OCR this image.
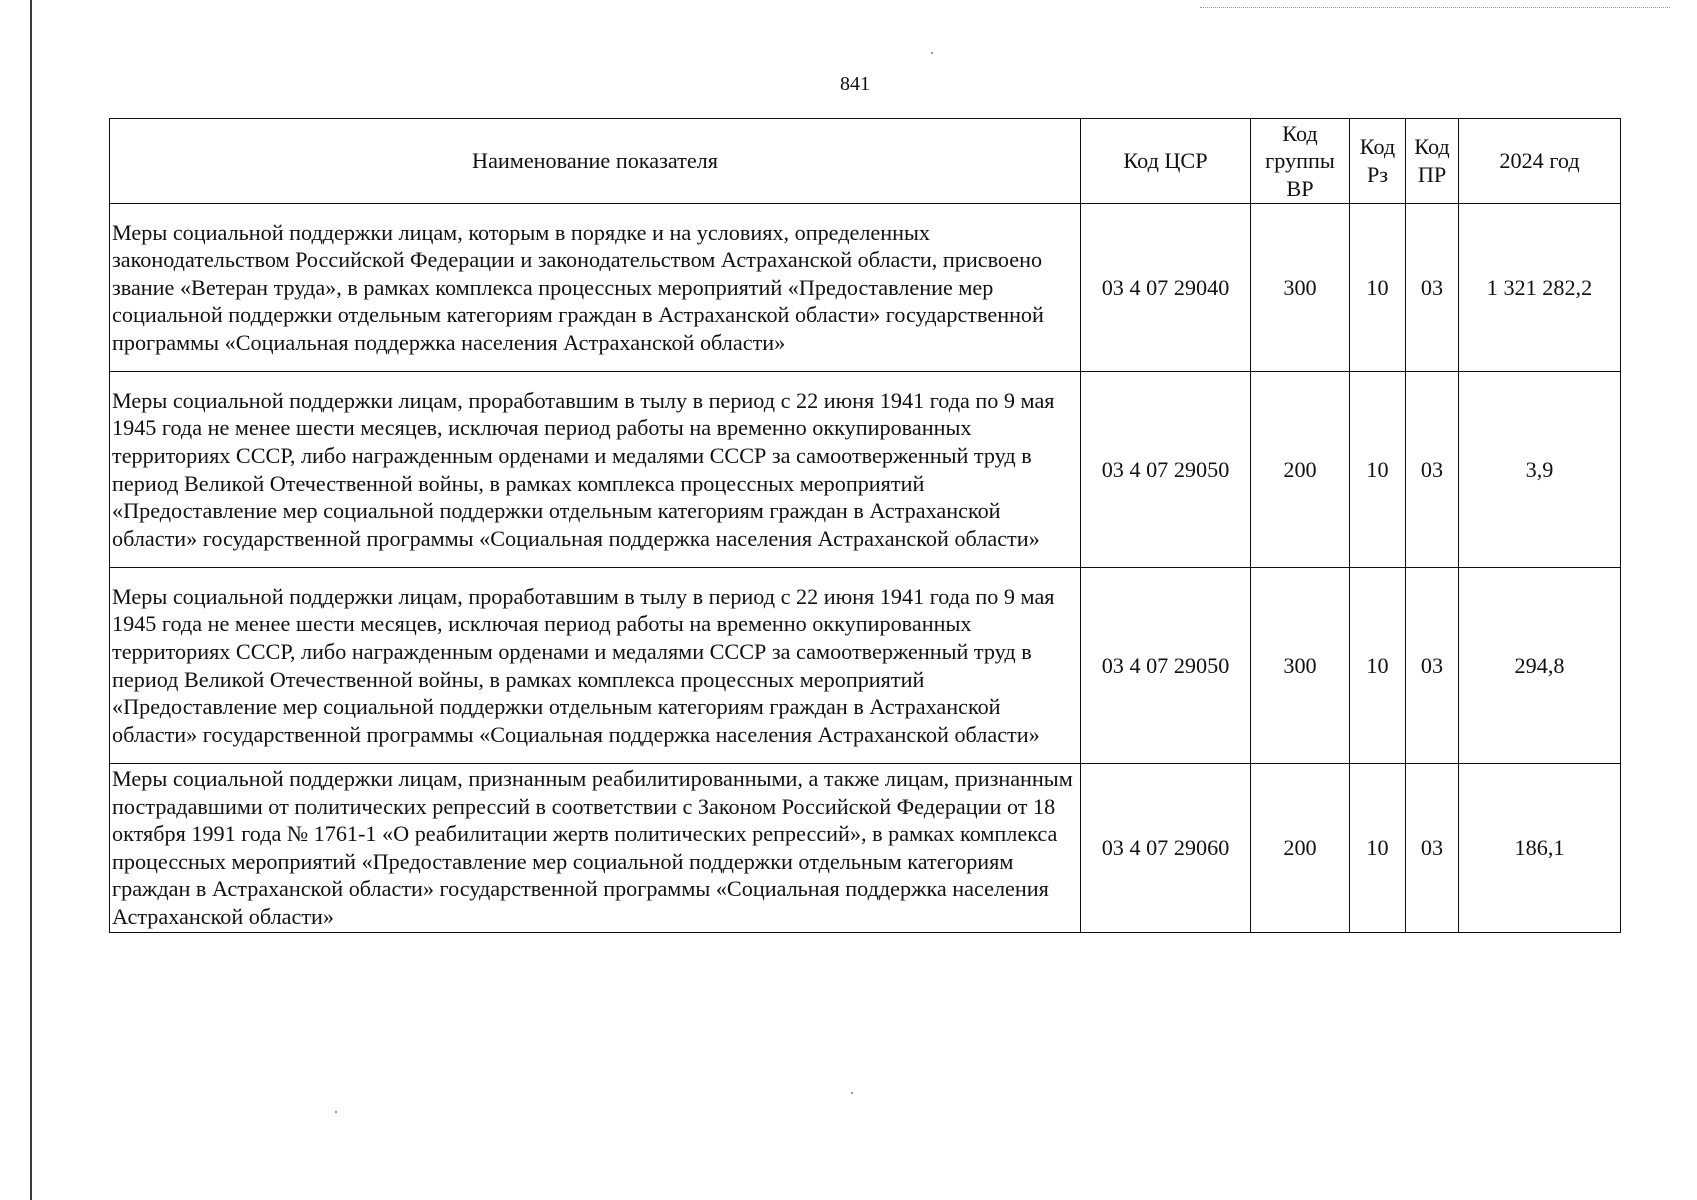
841
Наименование показателя	Код ЦСР	Код группы ВР	Код Рз	Код ПР	2024 год
Меры социальной поддержки лицам, которым в порядке и на условиях, определенных законодательством Российской Федерации и законодательством Астраханской области, присвоено звание «Ветеран труда», в рамках комплекса процессных мероприятий «Предоставление мер социальной поддержки отдельным категориям граждан в Астраханской области» государственной программы «Социальная поддержка населения Астраханской области»	03 4 07 29040	300	10	03	1 321 282,2
Меры социальной поддержки лицам, проработавшим в тылу в период с 22 июня 1941 года по 9 мая 1945 года не менее шести месяцев, исключая период работы на временно оккупированных территориях СССР, либо награжденным орденами и медалями СССР за самоотверженный труд в период Великой Отечественной войны, в рамках комплекса процессных мероприятий «Предоставление мер социальной поддержки отдельным категориям граждан в Астраханской области» государственной программы «Социальная поддержка населения Астраханской области»	03 4 07 29050	200	10	03	3,9
Меры социальной поддержки лицам, проработавшим в тылу в период с 22 июня 1941 года по 9 мая 1945 года не менее шести месяцев, исключая период работы на временно оккупированных территориях СССР, либо награжденным орденами и медалями СССР за самоотверженный труд в период Великой Отечественной войны, в рамках комплекса процессных мероприятий «Предоставление мер социальной поддержки отдельным категориям граждан в Астраханской области» государственной программы «Социальная поддержка населения Астраханской области»	03 4 07 29050	300	10	03	294,8
Меры социальной поддержки лицам, признанным реабилитированными, а также лицам, признанным пострадавшими от политических репрессий в соответствии с Законом Российской Федерации от 18 октября 1991 года № 1761-1 «О реабилитации жертв политических репрессий», в рамках комплекса процессных мероприятий «Предоставление мер социальной поддержки отдельным категориям граждан в Астраханской области» государственной программы «Социальная поддержка населения Астраханской области»	03 4 07 29060	200	10	03	186,1
